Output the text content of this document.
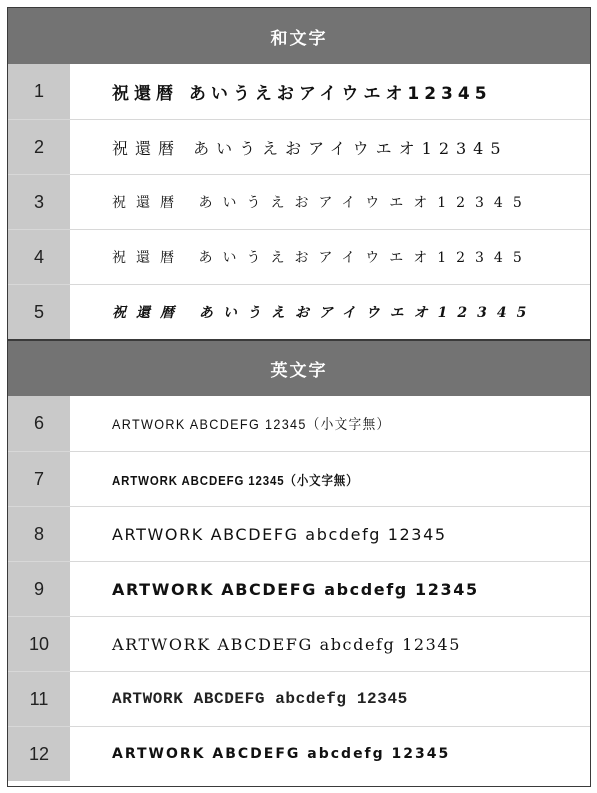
和文字
1	祝還暦 あいうえおアイウエオ12345
2	祝還暦 あいうえおアイウエオ12345
3	祝還暦 あいうえおアイウエオ12345
4	祝還暦 あいうえおアイウエオ12345
5	祝還暦 あいうえおアイウエオ12345
英文字
6	ARTWORK ABCDEFG 12345（小文字無）
7	ARTWORK ABCDEFG 12345（小文字無）
8	ARTWORK ABCDEFG abcdefg 12345
9	ARTWORK ABCDEFG abcdefg 12345
10	ARTWORK ABCDEFG abcdefg 12345
11	ARTWORK ABCDEFG abcdefg 12345
12	ARTWORK ABCDEFG abcdefg 12345
